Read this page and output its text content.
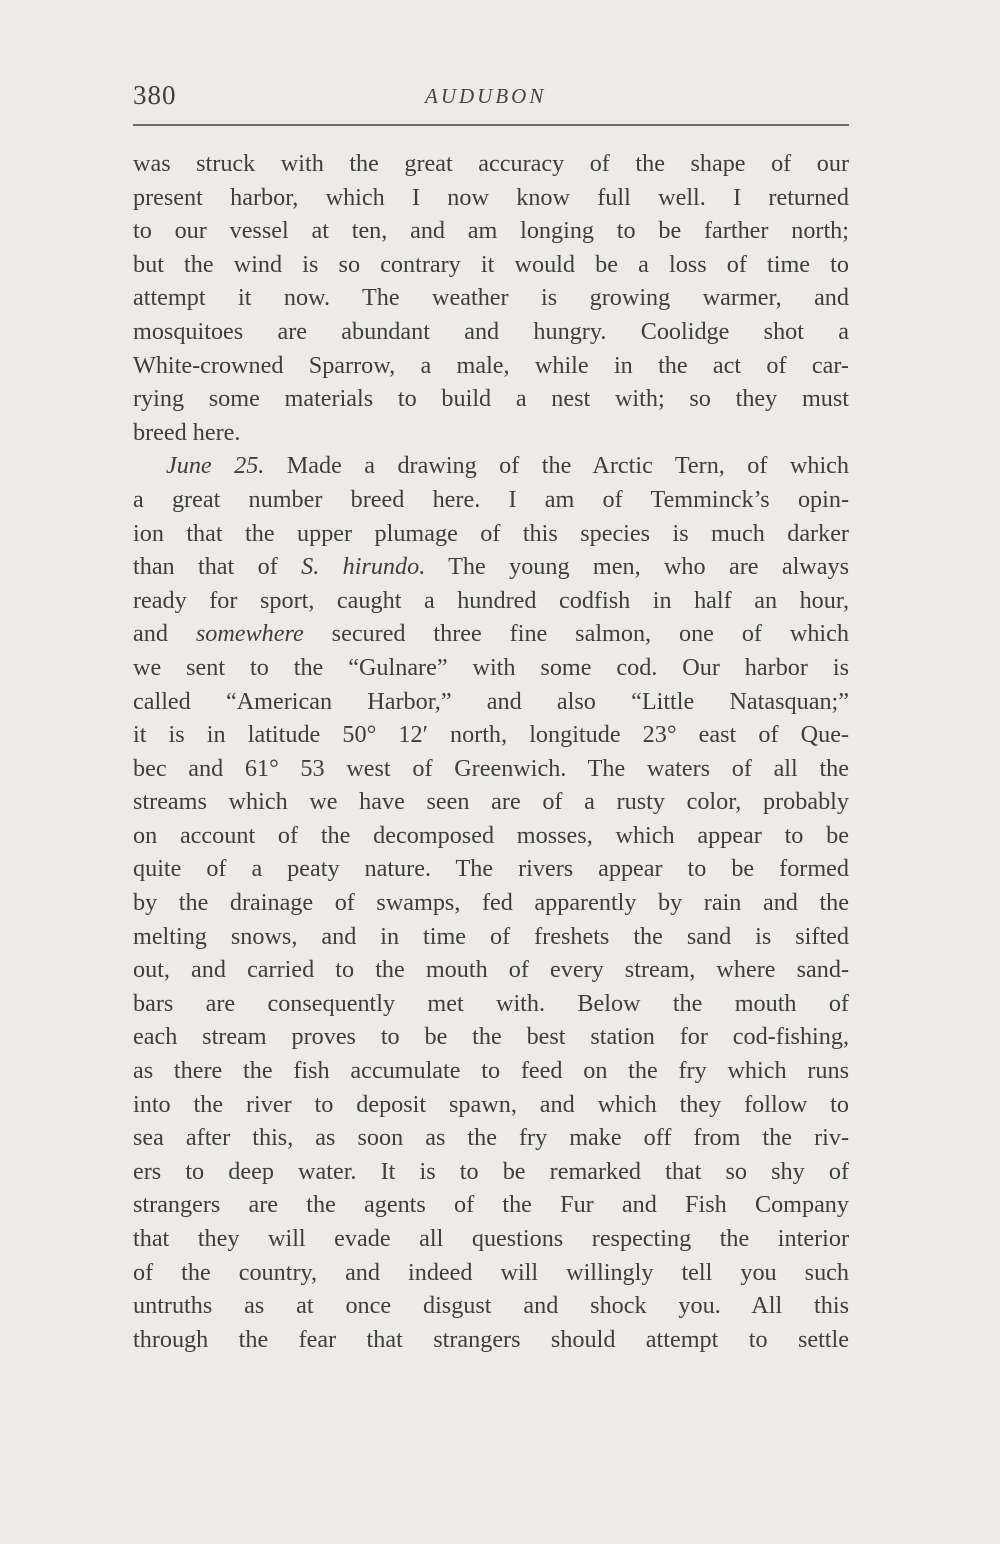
380	AUDUBON
was struck with the great accuracy of the shape of our
present harbor, which I now know full well. I returned
to our vessel at ten, and am longing to be farther north;
but the wind is so contrary it would be a loss of time to
attempt it now. The weather is growing warmer, and
mosquitoes are abundant and hungry. Coolidge shot a
White-crowned Sparrow, a male, while in the act of car-
rying some materials to build a nest with; so they must
breed here.
June 25. Made a drawing of the Arctic Tern, of which
a great number breed here. I am of Temminck’s opin-
ion that the upper plumage of this species is much darker
than that of S. hirundo. The young men, who are always
ready for sport, caught a hundred codfish in half an hour,
and somewhere secured three fine salmon, one of which
we sent to the “Gulnare” with some cod. Our harbor is
called “American Harbor,” and also “Little Natasquan;”
it is in latitude 50° 12′ north, longitude 23° east of Que-
bec and 61° 53 west of Greenwich. The waters of all the
streams which we have seen are of a rusty color, probably
on account of the decomposed mosses, which appear to be
quite of a peaty nature. The rivers appear to be formed
by the drainage of swamps, fed apparently by rain and the
melting snows, and in time of freshets the sand is sifted
out, and carried to the mouth of every stream, where sand-
bars are consequently met with. Below the mouth of
each stream proves to be the best station for cod-fishing,
as there the fish accumulate to feed on the fry which runs
into the river to deposit spawn, and which they follow to
sea after this, as soon as the fry make off from the riv-
ers to deep water. It is to be remarked that so shy of
strangers are the agents of the Fur and Fish Company
that they will evade all questions respecting the interior
of the country, and indeed will willingly tell you such
untruths as at once disgust and shock you. All this
through the fear that strangers should attempt to settle
